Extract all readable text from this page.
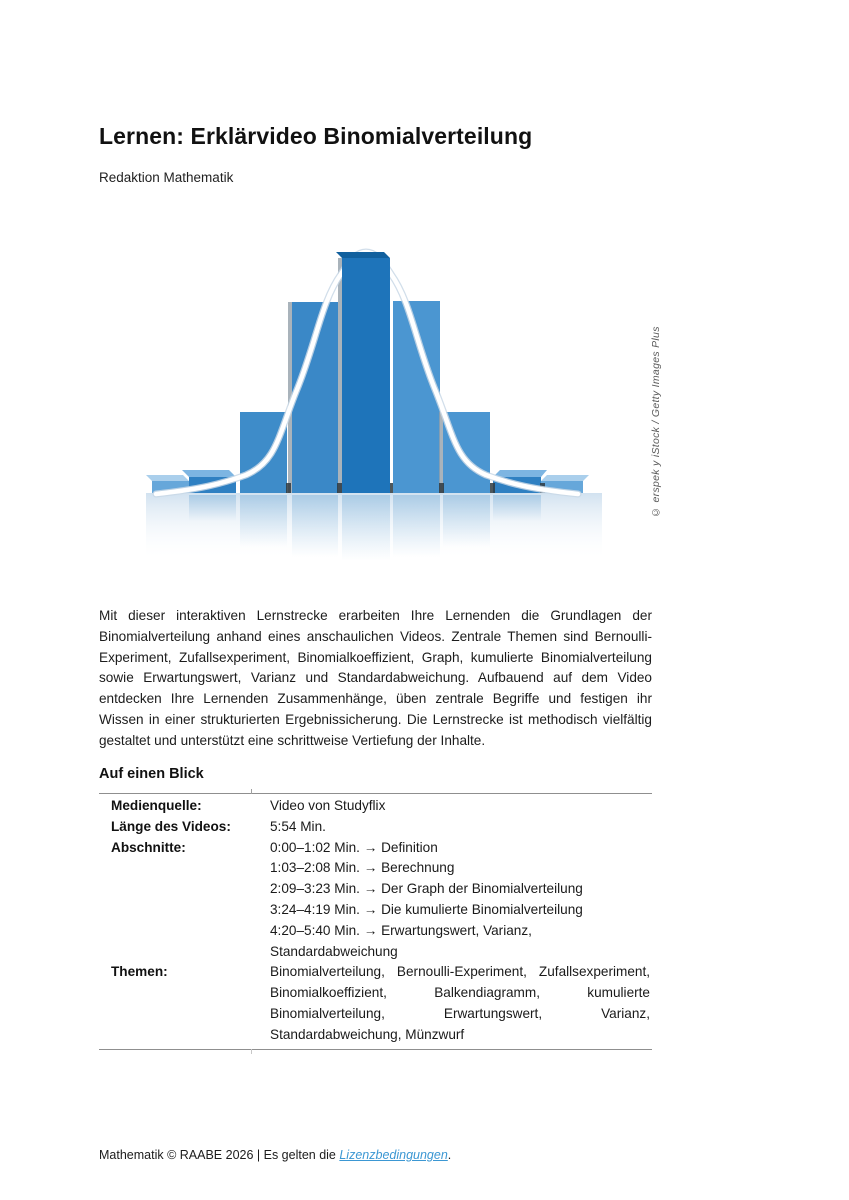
Lernen: Erklärvideo Binomialverteilung
Redaktion Mathematik
© erspek y iStock / Getty Images Plus

Mit dieser interaktiven Lernstrecke erarbeiten Ihre Lernenden die Grundlagen der Binomialverteilung anhand eines anschaulichen Videos. Zentrale Themen sind Bernoulli-Experiment, Zufallsexperiment, Binomialkoeffizient, Graph, kumulierte Binomialverteilung sowie Erwartungswert, Varianz und Standardabweichung. Aufbauend auf dem Video entdecken Ihre Lernenden Zusammenhänge, üben zentrale Begriffe und festigen ihr Wissen in einer strukturierten Ergebnissicherung. Die Lernstrecke ist methodisch vielfältig gestaltet und unterstützt eine schrittweise Vertiefung der Inhalte.

Auf einen Blick
Medienquelle:	Video von Studyflix
Länge des Videos:	5:54 Min.
Abschnitte:	0:00–1:02 Min. → Definition
1:03–2:08 Min. → Berechnung
2:09–3:23 Min. → Der Graph der Binomialverteilung
3:24–4:19 Min. → Die kumulierte Binomialverteilung
4:20–5:40 Min. → Erwartungswert, Varianz, Standardabweichung
Themen:	Binomialverteilung, Bernoulli-Experiment, Zufallsexperiment,
Binomialkoeffizient, Balkendiagramm, kumulierte
Binomialverteilung, Erwartungswert, Varianz,
Standardabweichung, Münzwurf
Mathematik © RAABE 2026 | Es gelten die Lizenzbedingungen.
